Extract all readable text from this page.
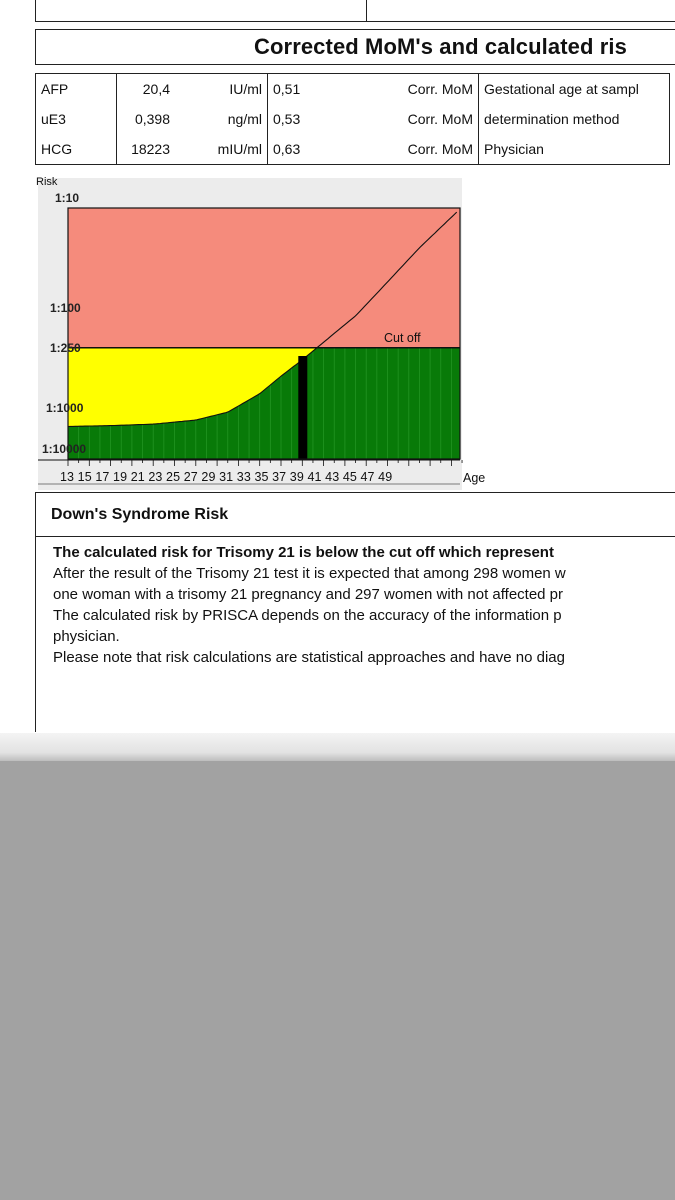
Corrected MoM's and calculated ris
AFP	20,4	IU/ml	0,51	Corr. MoM	Gestational age at sampl
uE3	0,398	ng/ml	0,53	Corr. MoM	determination method
HCG	18223	mIU/ml	0,63	Corr. MoM	Physician
Risk
Cut off
1:10
1:100
1:250
1:1000
1:10000
13 15 17 19 21 23 25 27 29 31 33 35 37 39 41 43 45 47 49	Age
Down's Syndrome Risk
The calculated risk for Trisomy 21 is below the cut off which represent
After the result of the Trisomy 21 test it is expected that among 298 women w
one woman with a trisomy 21 pregnancy and 297 women with not affected pr
The calculated risk by PRISCA depends on the accuracy of the information p
physician.
Please note that risk calculations are statistical approaches and have no diag
